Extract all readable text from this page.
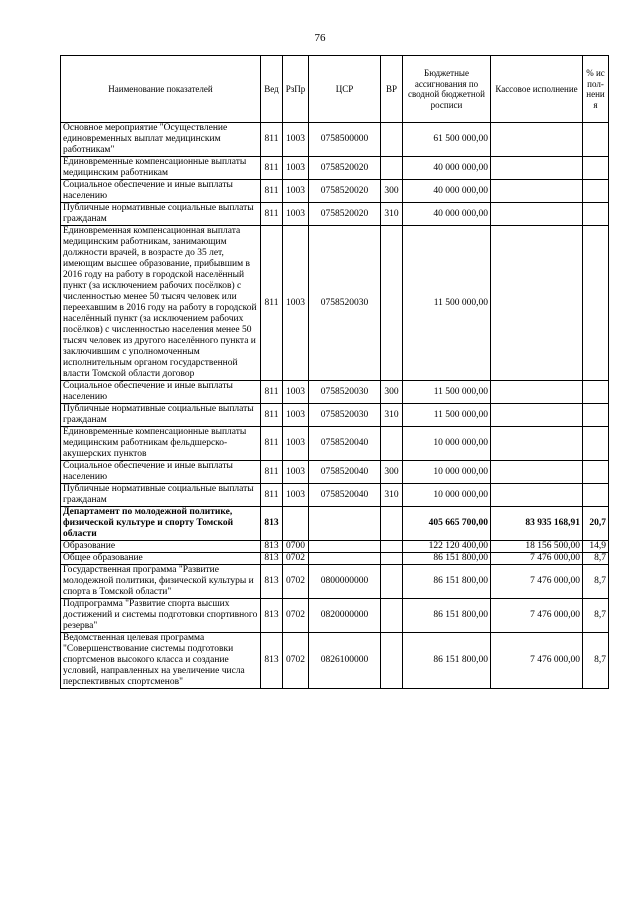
76
Наименование показателей	Вед	РзПр	ЦСР	ВР	Бюджетные ассигнования по сводной бюджетной росписи	Кассовое исполнение	% испол-нения

Основное мероприятие "Осуществление единовременных выплат медицинским работникам"	811	1003	0758500000		61 500 000,00		
Единовременные компенсационные выплаты медицинским работникам	811	1003	0758520020		40 000 000,00		
Социальное обеспечение и иные выплаты населению	811	1003	0758520020	300	40 000 000,00		
Публичные нормативные социальные выплаты гражданам	811	1003	0758520020	310	40 000 000,00		
Единовременная компенсационная выплата медицинским работникам, занимающим должности врачей, в возрасте до 35 лет, имеющим высшее образование, прибывшим в 2016 году на работу в городской населённый пункт (за исключением рабочих посёлков) с численностью менее 50 тысяч человек или переехавшим в 2016 году на работу в городской населённый пункт (за исключением рабочих посёлков) с численностью населения менее 50 тысяч человек из другого населённого пункта и заключившим с уполномоченным исполнительным органом государственной власти Томской области договор	811	1003	0758520030		11 500 000,00		
Социальное обеспечение и иные выплаты населению	811	1003	0758520030	300	11 500 000,00		
Публичные нормативные социальные выплаты гражданам	811	1003	0758520030	310	11 500 000,00		
Единовременные компенсационные выплаты медицинским работникам фельдшерско-акушерских пунктов	811	1003	0758520040		10 000 000,00		
Социальное обеспечение и иные выплаты населению	811	1003	0758520040	300	10 000 000,00		
Публичные нормативные социальные выплаты гражданам	811	1003	0758520040	310	10 000 000,00		
Департамент по молодежной политике, физической культуре и спорту Томской области	813				405 665 700,00	83 935 168,91	20,7
Образование	813	0700			122 120 400,00	18 156 500,00	14,9
Общее образование	813	0702			86 151 800,00	7 476 000,00	8,7
Государственная программа "Развитие молодежной политики, физической культуры и спорта в Томской области"	813	0702	0800000000		86 151 800,00	7 476 000,00	8,7
Подпрограмма "Развитие спорта высших достижений и системы подготовки спортивного резерва"	813	0702	0820000000		86 151 800,00	7 476 000,00	8,7
Ведомственная целевая программа "Совершенствование системы подготовки спортсменов высокого класса и создание условий, направленных на увеличение числа перспективных спортсменов"	813	0702	0826100000		86 151 800,00	7 476 000,00	8,7
